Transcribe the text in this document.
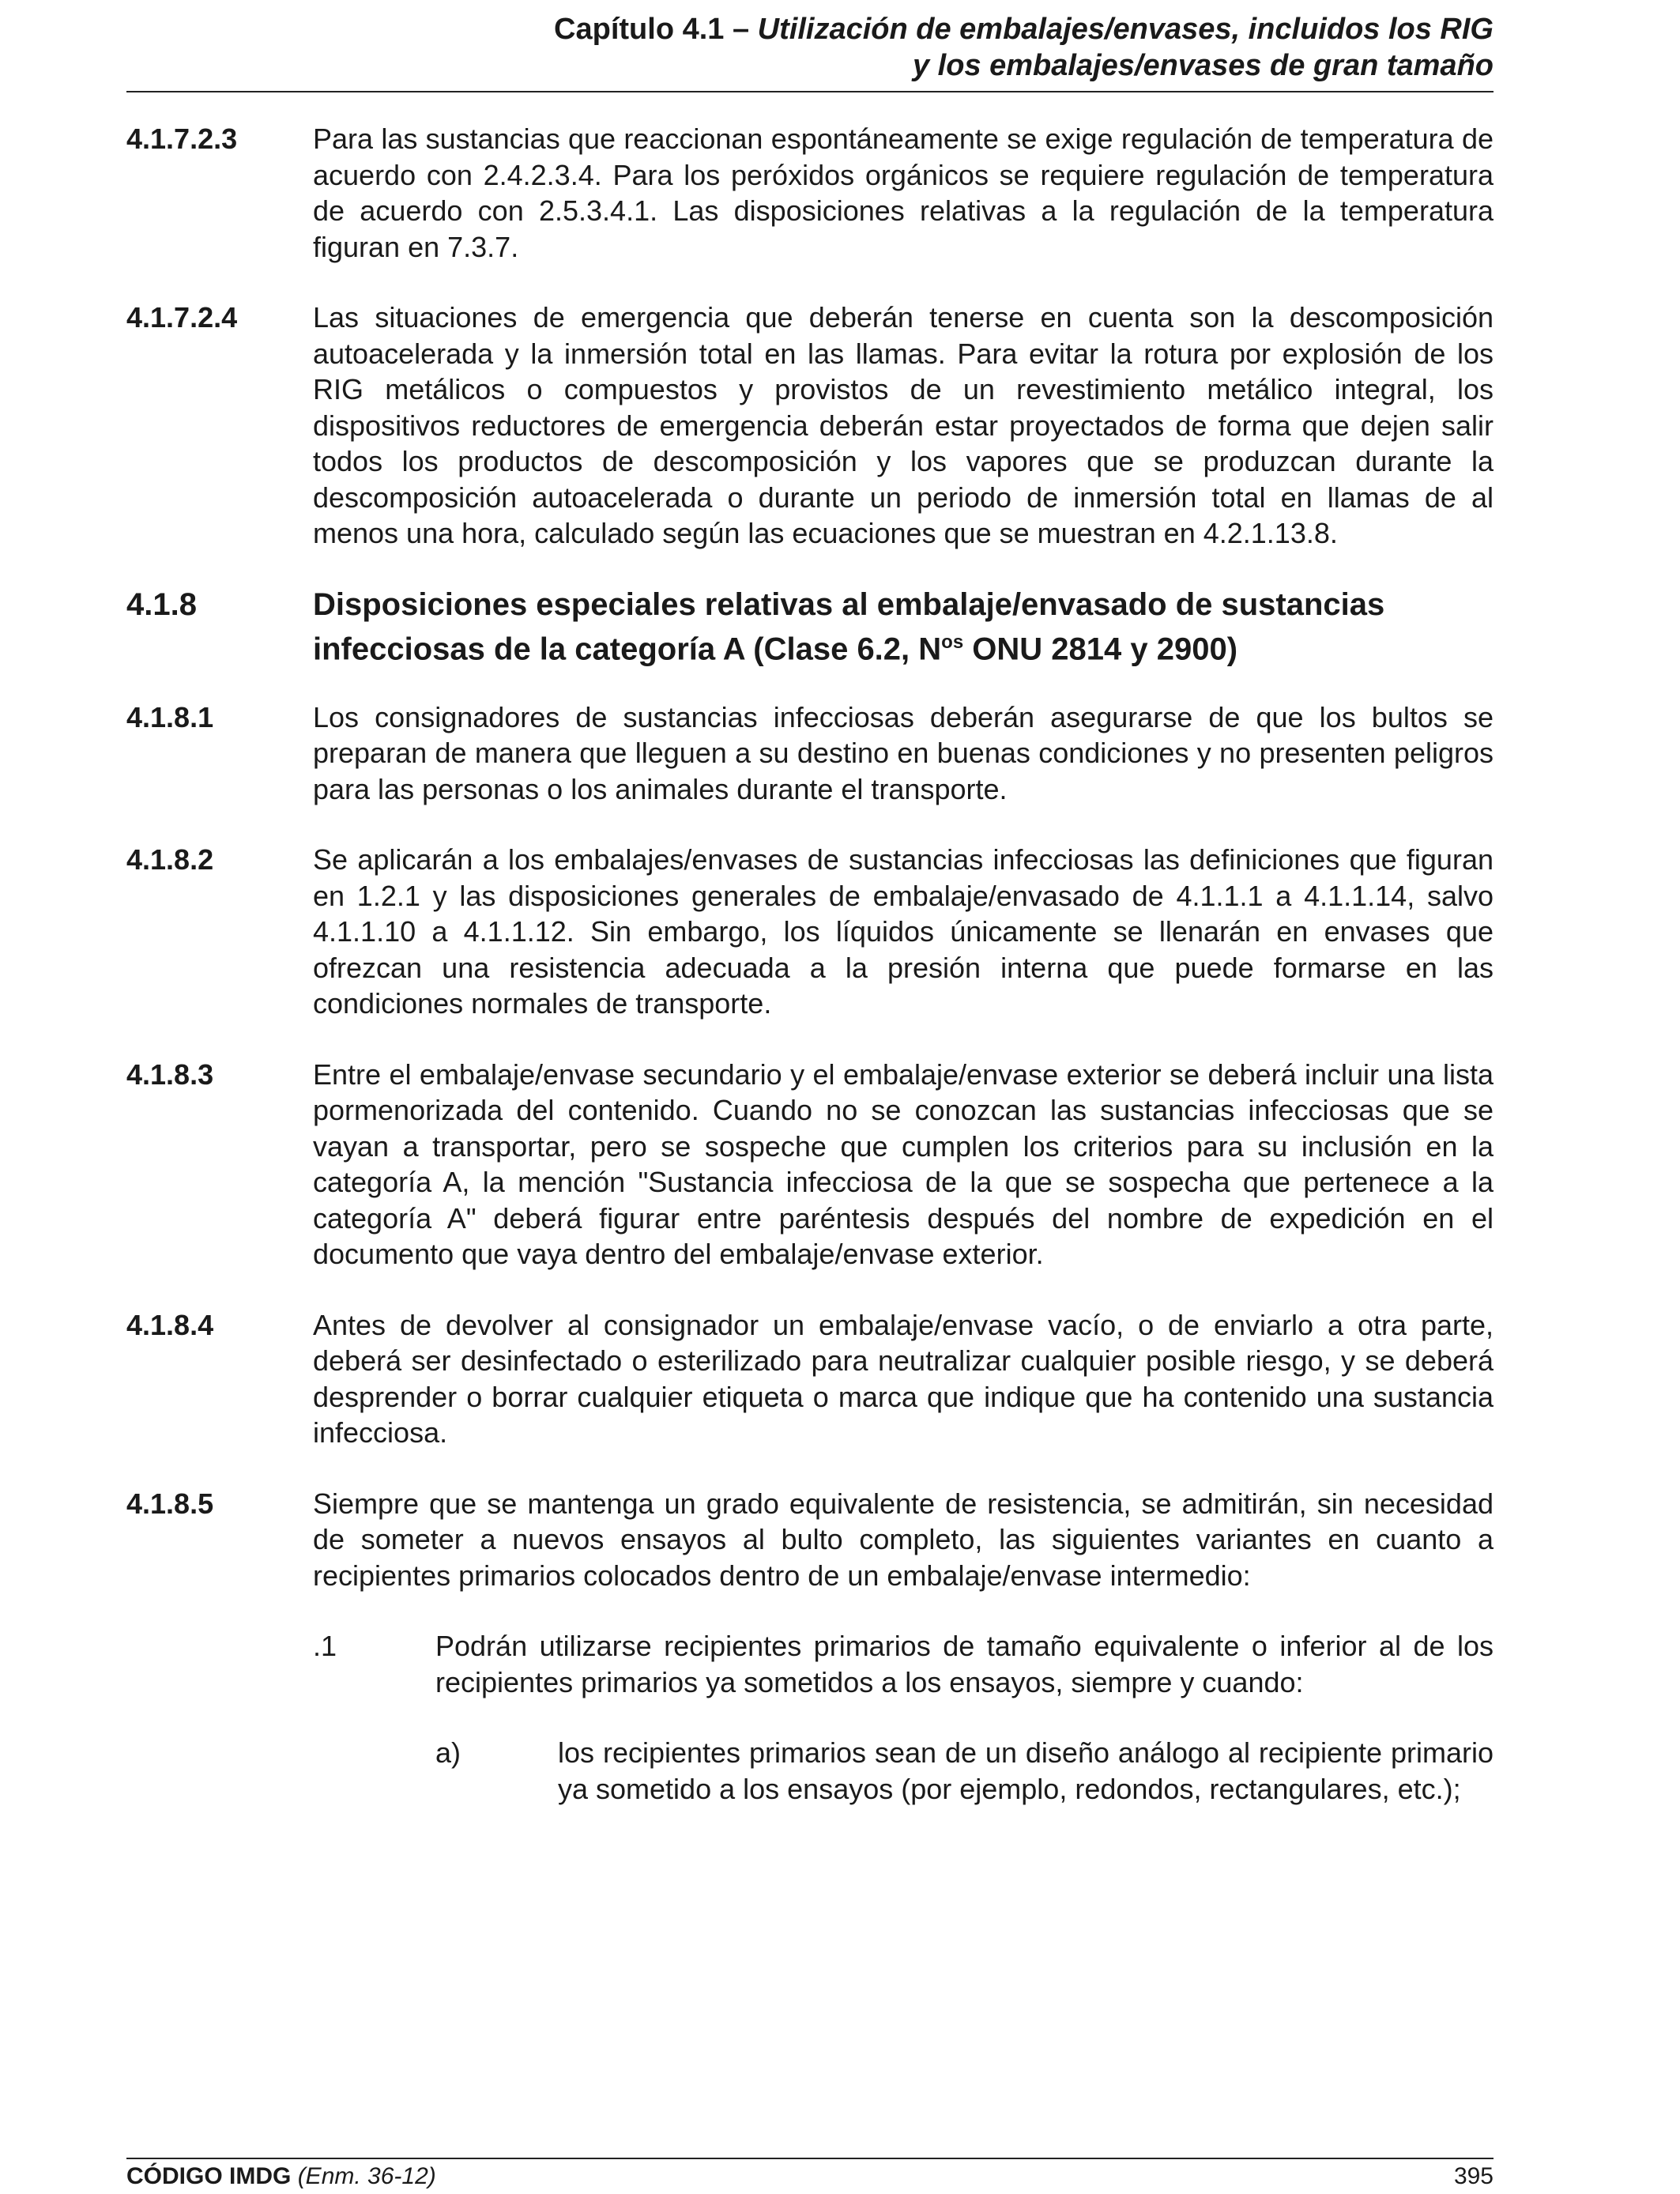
Capítulo 4.1 – Utilización de embalajes/envases, incluidos los RIG
y los embalajes/envases de gran tamaño
4.1.7.2.3	Para las sustancias que reaccionan espontáneamente se exige regulación de temperatura de acuerdo con 2.4.2.3.4. Para los peróxidos orgánicos se requiere regulación de temperatura de acuerdo con 2.5.3.4.1. Las disposiciones relativas a la regulación de la temperatura figuran en 7.3.7.
4.1.7.2.4	Las situaciones de emergencia que deberán tenerse en cuenta son la descomposición autoacelerada y la inmersión total en las llamas. Para evitar la rotura por explosión de los RIG metálicos o compuestos y provistos de un revestimiento metálico integral, los dispositivos reductores de emergencia deberán estar proyectados de forma que dejen salir todos los productos de descomposición y los vapores que se produzcan durante la descomposición autoacelerada o durante un periodo de inmersión total en llamas de al menos una hora, calculado según las ecuaciones que se muestran en 4.2.1.13.8.
4.1.8	Disposiciones especiales relativas al embalaje/envasado de sustancias infecciosas de la categoría A (Clase 6.2, $N^{os}$ ONU 2814 y 2900)
4.1.8.1	Los consignadores de sustancias infecciosas deberán asegurarse de que los bultos se preparan de manera que lleguen a su destino en buenas condiciones y no presenten peligros para las personas o los animales durante el transporte.
4.1.8.2	Se aplicarán a los embalajes/envases de sustancias infecciosas las definiciones que figuran en 1.2.1 y las disposiciones generales de embalaje/envasado de 4.1.1.1 a 4.1.1.14, salvo 4.1.1.10 a 4.1.1.12. Sin embargo, los líquidos únicamente se llenarán en envases que ofrezcan una resistencia adecuada a la presión interna que puede formarse en las condiciones normales de transporte.
4.1.8.3	Entre el embalaje/envase secundario y el embalaje/envase exterior se deberá incluir una lista pormenorizada del contenido. Cuando no se conozcan las sustancias infecciosas que se vayan a transportar, pero se sospeche que cumplen los criterios para su inclusión en la categoría A, la mención "Sustancia infecciosa de la que se sospecha que pertenece a la categoría A" deberá figurar entre paréntesis después del nombre de expedición en el documento que vaya dentro del embalaje/envase exterior.
4.1.8.4	Antes de devolver al consignador un embalaje/envase vacío, o de enviarlo a otra parte, deberá ser desinfectado o esterilizado para neutralizar cualquier posible riesgo, y se deberá desprender o borrar cualquier etiqueta o marca que indique que ha contenido una sustancia infecciosa.
4.1.8.5	Siempre que se mantenga un grado equivalente de resistencia, se admitirán, sin necesidad de someter a nuevos ensayos al bulto completo, las siguientes variantes en cuanto a recipientes primarios colocados dentro de un embalaje/envase intermedio:
.1	Podrán utilizarse recipientes primarios de tamaño equivalente o inferior al de los recipientes primarios ya sometidos a los ensayos, siempre y cuando:
a)	los recipientes primarios sean de un diseño análogo al recipiente primario ya sometido a los ensayos (por ejemplo, redondos, rectangulares, etc.);
CÓDIGO IMDG (Enm. 36-12)	395
